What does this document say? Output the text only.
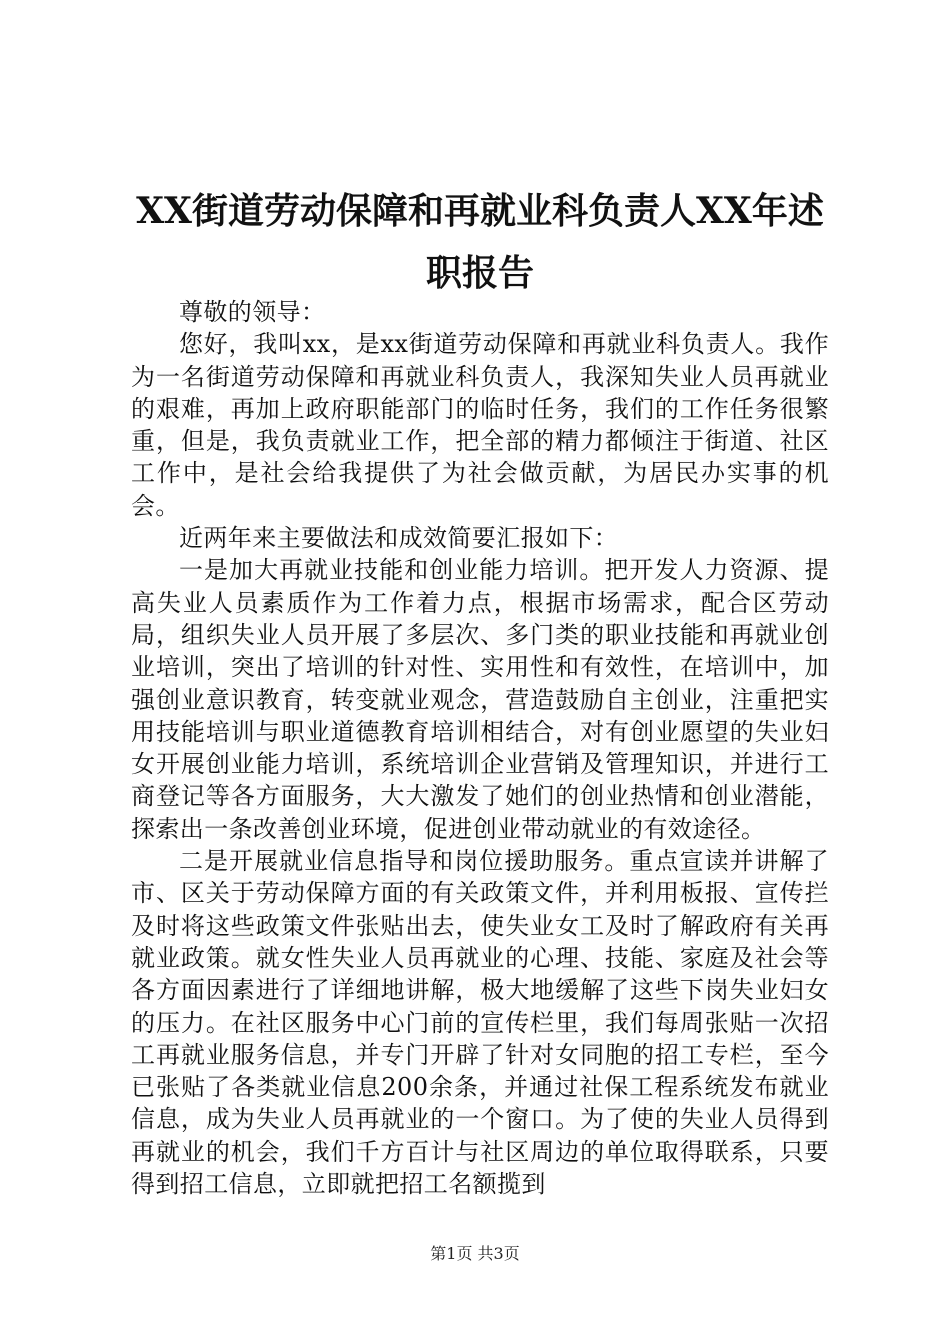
XX街道劳动保障和再就业科负责人XX年述职报告

尊敬的领导：

您好，我叫xx，是xx街道劳动保障和再就业科负责人。我作为一名街道劳动保障和再就业科负责人，我深知失业人员再就业的艰难，再加上政府职能部门的临时任务，我们的工作任务很繁重，但是，我负责就业工作，把全部的精力都倾注于街道、社区工作中，是社会给我提供了为社会做贡献，为居民办实事的机会。

近两年来主要做法和成效简要汇报如下：

一是加大再就业技能和创业能力培训。把开发人力资源、提高失业人员素质作为工作着力点，根据市场需求，配合区劳动局，组织失业人员开展了多层次、多门类的职业技能和再就业创业培训，突出了培训的针对性、实用性和有效性，在培训中，加强创业意识教育，转变就业观念，营造鼓励自主创业，注重把实用技能培训与职业道德教育培训相结合，对有创业愿望的失业妇女开展创业能力培训，系统培训企业营销及管理知识，并进行工商登记等各方面服务，大大激发了她们的创业热情和创业潜能，探索出一条改善创业环境，促进创业带动就业的有效途径。

二是开展就业信息指导和岗位援助服务。重点宣读并讲解了市、区关于劳动保障方面的有关政策文件，并利用板报、宣传拦及时将这些政策文件张贴出去，使失业女工及时了解政府有关再就业政策。就女性失业人员再就业的心理、技能、家庭及社会等各方面因素进行了详细地讲解，极大地缓解了这些下岗失业妇女的压力。在社区服务中心门前的宣传栏里，我们每周张贴一次招工再就业服务信息，并专门开辟了针对女同胞的招工专栏，至今已张贴了各类就业信息200余条，并通过社保工程系统发布就业信息，成为失业人员再就业的一个窗口。为了使的失业人员得到再就业的机会，我们千方百计与社区周边的单位取得联系，只要得到招工信息，立即就把招工名额揽到

第1页 共3页
